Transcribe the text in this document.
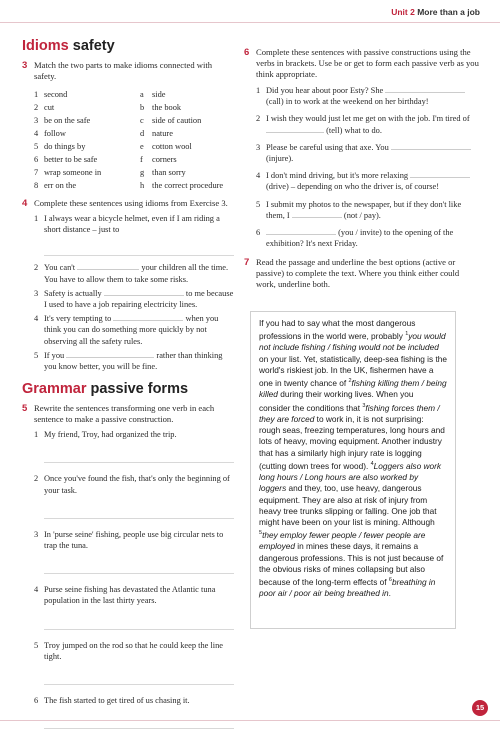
Unit 2 More than a job
Idioms safety
3 Match the two parts to make idioms connected with safety.
1 second	a side
2 cut	b the book
3 be on the safe	c side of caution
4 follow	d nature
5 do things by	e cotton wool
6 better to be safe	f	corners
7 wrap someone in	g than sorry
8 err on the	h the correct procedure
4 Complete these sentences using idioms from Exercise 3.
1 I always wear a bicycle helmet, even if I am riding a short distance – just to
2 You can't	your children all the time. You have to allow them to take some risks.
3 Safety is actually	to me because I used to have a job repairing electricity lines.
4 It's very tempting to	when you think you can do something more quickly by not observing all the safety rules.
5 If you	rather than thinking you know better, you will be fine.
Grammar passive forms
5 Rewrite the sentences transforming one verb in each sentence to make a passive construction.
1 My friend, Troy, had organized the trip.
2 Once you've found the fish, that's only the beginning of your task.
3 In 'purse seine' fishing, people use big circular nets to trap the tuna.
4 Purse seine fishing has devastated the Atlantic tuna population in the last thirty years.
5 Troy jumped on the rod so that he could keep the line tight.
6 The fish started to get tired of us chasing it.
6 Complete these sentences with passive constructions using the verbs in brackets. Use be or get to form each passive verb as you think appropriate.
1 Did you hear about poor Esty? She  (call) in to work at the weekend on her birthday!
2 I wish they would just let me get on with the job. I'm tired of  (tell) what to do.
3 Please be careful using that axe. You  (injure).
4 I don't mind driving, but it's more relaxing  (drive) – depending on who the driver is, of course!
5 I submit my photos to the newspaper, but if they don't like them, I	(not / pay).
6	(you / invite) to the opening of the exhibition? It's next Friday.
7 Read the passage and underline the best options (active or passive) to complete the text. Where you think either could work, underline both.
If you had to say what the most dangerous professions in the world were, probably $^1$you would not include fishing / fishing would not be included on your list. Yet, statistically, deep-sea fishing is the world's riskiest job. In the UK, fishermen have a one in twenty chance of $^2$fishing killing them / being killed during their working lives. When you consider the conditions that $^3$fishing forces them / they are forced to work in, it is not surprising: rough seas, freezing temperatures, long hours and lots of heavy, moving equipment. Another industry that has a similarly high injury rate is logging (cutting down trees for wood). $^4$Loggers also work long hours / Long hours are also worked by loggers and they, too, use heavy, dangerous equipment. They are also at risk of injury from heavy tree trunks slipping or falling. One job that might have been on your list is mining. Although $^5$they employ fewer people / fewer people are employed in mines these days, it remains a dangerous professions. This is not just because of the obvious risks of mines collapsing but also because of the long-term effects of $^6$breathing in poor air / poor air being breathed in.
15
